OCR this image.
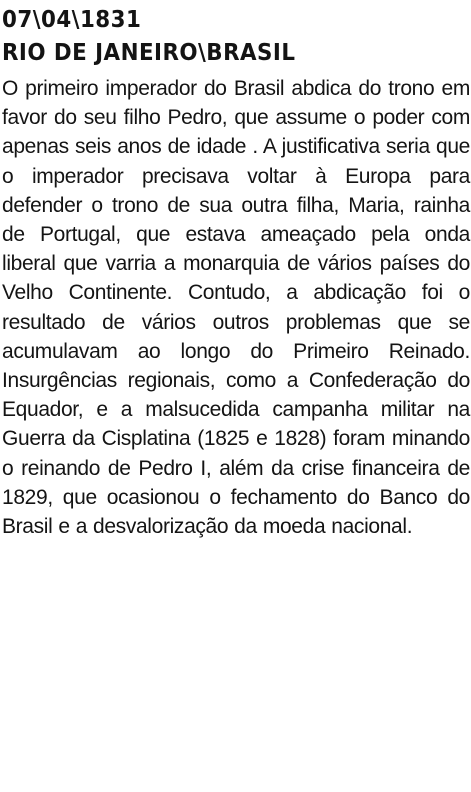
07\04\1831
RIO DE JANEIRO\BRASIL

O primeiro imperador do Brasil abdica do trono em favor do seu filho Pedro, que assume o poder com apenas seis anos de idade . A justificativa seria que o imperador precisava voltar à Europa para defender o trono de sua outra filha, Maria, rainha de Portugal, que estava ameaçado pela onda liberal que varria a monarquia de vários países do Velho Continente. Contudo, a abdicação foi o resultado de vários outros problemas que se acumulavam ao longo do Primeiro Reinado. Insurgências regionais, como a Confederação do Equador, e a malsucedida campanha militar na Guerra da Cisplatina (1825 e 1828) foram minando o reinando de Pedro I, além da crise financeira de 1829, que ocasionou o fechamento do Banco do Brasil e a desvalorização da moeda nacional.
